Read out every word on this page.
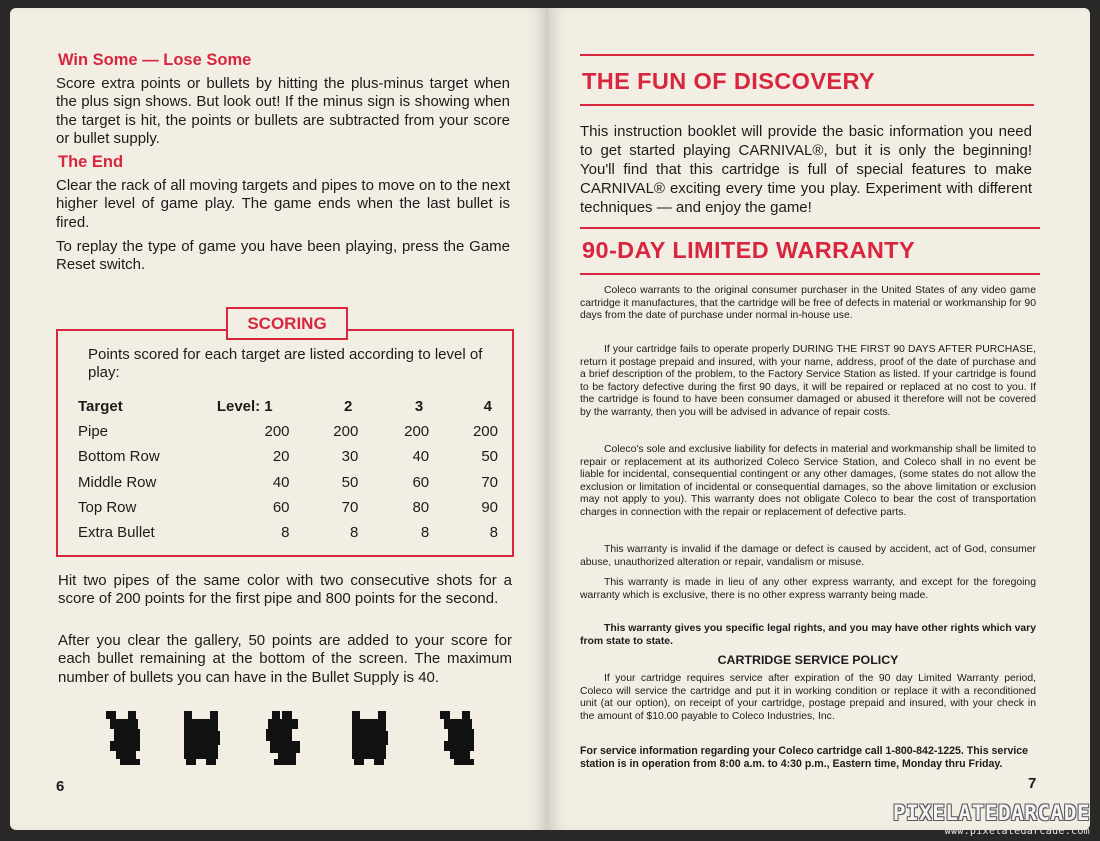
Win Some — Lose Some
Score extra points or bullets by hitting the plus-minus target when the plus sign shows. But look out! If the minus sign is showing when the target is hit, the points or bullets are subtracted from your score or bullet supply.
The End
Clear the rack of all moving targets and pipes to move on to the next higher level of game play. The game ends when the last bullet is fired.
To replay the type of game you have been playing, press the Game Reset switch.
SCORING
Points scored for each target are listed according to level of play:
Target	Level:	1	2	3	4
Pipe		200	200	200	200
Bottom Row		20	30	40	50
Middle Row		40	50	60	70
Top Row		60	70	80	90
Extra Bullet		8	8	8	8
Hit two pipes of the same color with two consecutive shots for a score of 200 points for the first pipe and 800 points for the second.
After you clear the gallery, 50 points are added to your score for each bullet remaining at the bottom of the screen. The maximum number of bullets you can have in the Bullet Supply is 40.
6
THE FUN OF DISCOVERY
This instruction booklet will provide the basic information you need to get started playing CARNIVAL®, but it is only the beginning! You'll find that this cartridge is full of special features to make CARNIVAL® exciting every time you play. Experiment with different techniques — and enjoy the game!
90-DAY LIMITED WARRANTY
Coleco warrants to the original consumer purchaser in the United States of any video game cartridge it manufactures, that the cartridge will be free of defects in material or workmanship for 90 days from the date of purchase under normal in-house use.
If your cartridge fails to operate properly DURING THE FIRST 90 DAYS AFTER PURCHASE, return it postage prepaid and insured, with your name, address, proof of the date of purchase and a brief description of the problem, to the Factory Service Station as listed. If your cartridge is found to be factory defective during the first 90 days, it will be repaired or replaced at no cost to you. If the cartridge is found to have been consumer damaged or abused it therefore will not be covered by the warranty, then you will be advised in advance of repair costs.
Coleco's sole and exclusive liability for defects in material and workmanship shall be limited to repair or replacement at its authorized Coleco Service Station, and Coleco shall in no event be liable for incidental, consequential contingent or any other damages, (some states do not allow the exclusion or limitation of incidental or consequential damages, so the above limitation or exclusion may not apply to you). This warranty does not obligate Coleco to bear the cost of transportation charges in connection with the repair or replacement of defective parts.
This warranty is invalid if the damage or defect is caused by accident, act of God, consumer abuse, unauthorized alteration or repair, vandalism or misuse.
This warranty is made in lieu of any other express warranty, and except for the foregoing warranty which is exclusive, there is no other express warranty being made.
This warranty gives you specific legal rights, and you may have other rights which vary from state to state.
CARTRIDGE SERVICE POLICY
If your cartridge requires service after expiration of the 90 day Limited Warranty period, Coleco will service the cartridge and put it in working condition or replace it with a reconditioned unit (at our option), on receipt of your cartridge, postage prepaid and insured, with your check in the amount of $10.00 payable to Coleco Industries, Inc.
For service information regarding your Coleco cartridge call 1-800-842-1225. This service station is in operation from 8:00 a.m. to 4:30 p.m., Eastern time, Monday thru Friday.
7
PIXELATEDARCADE
www.pixelatedarcade.com
